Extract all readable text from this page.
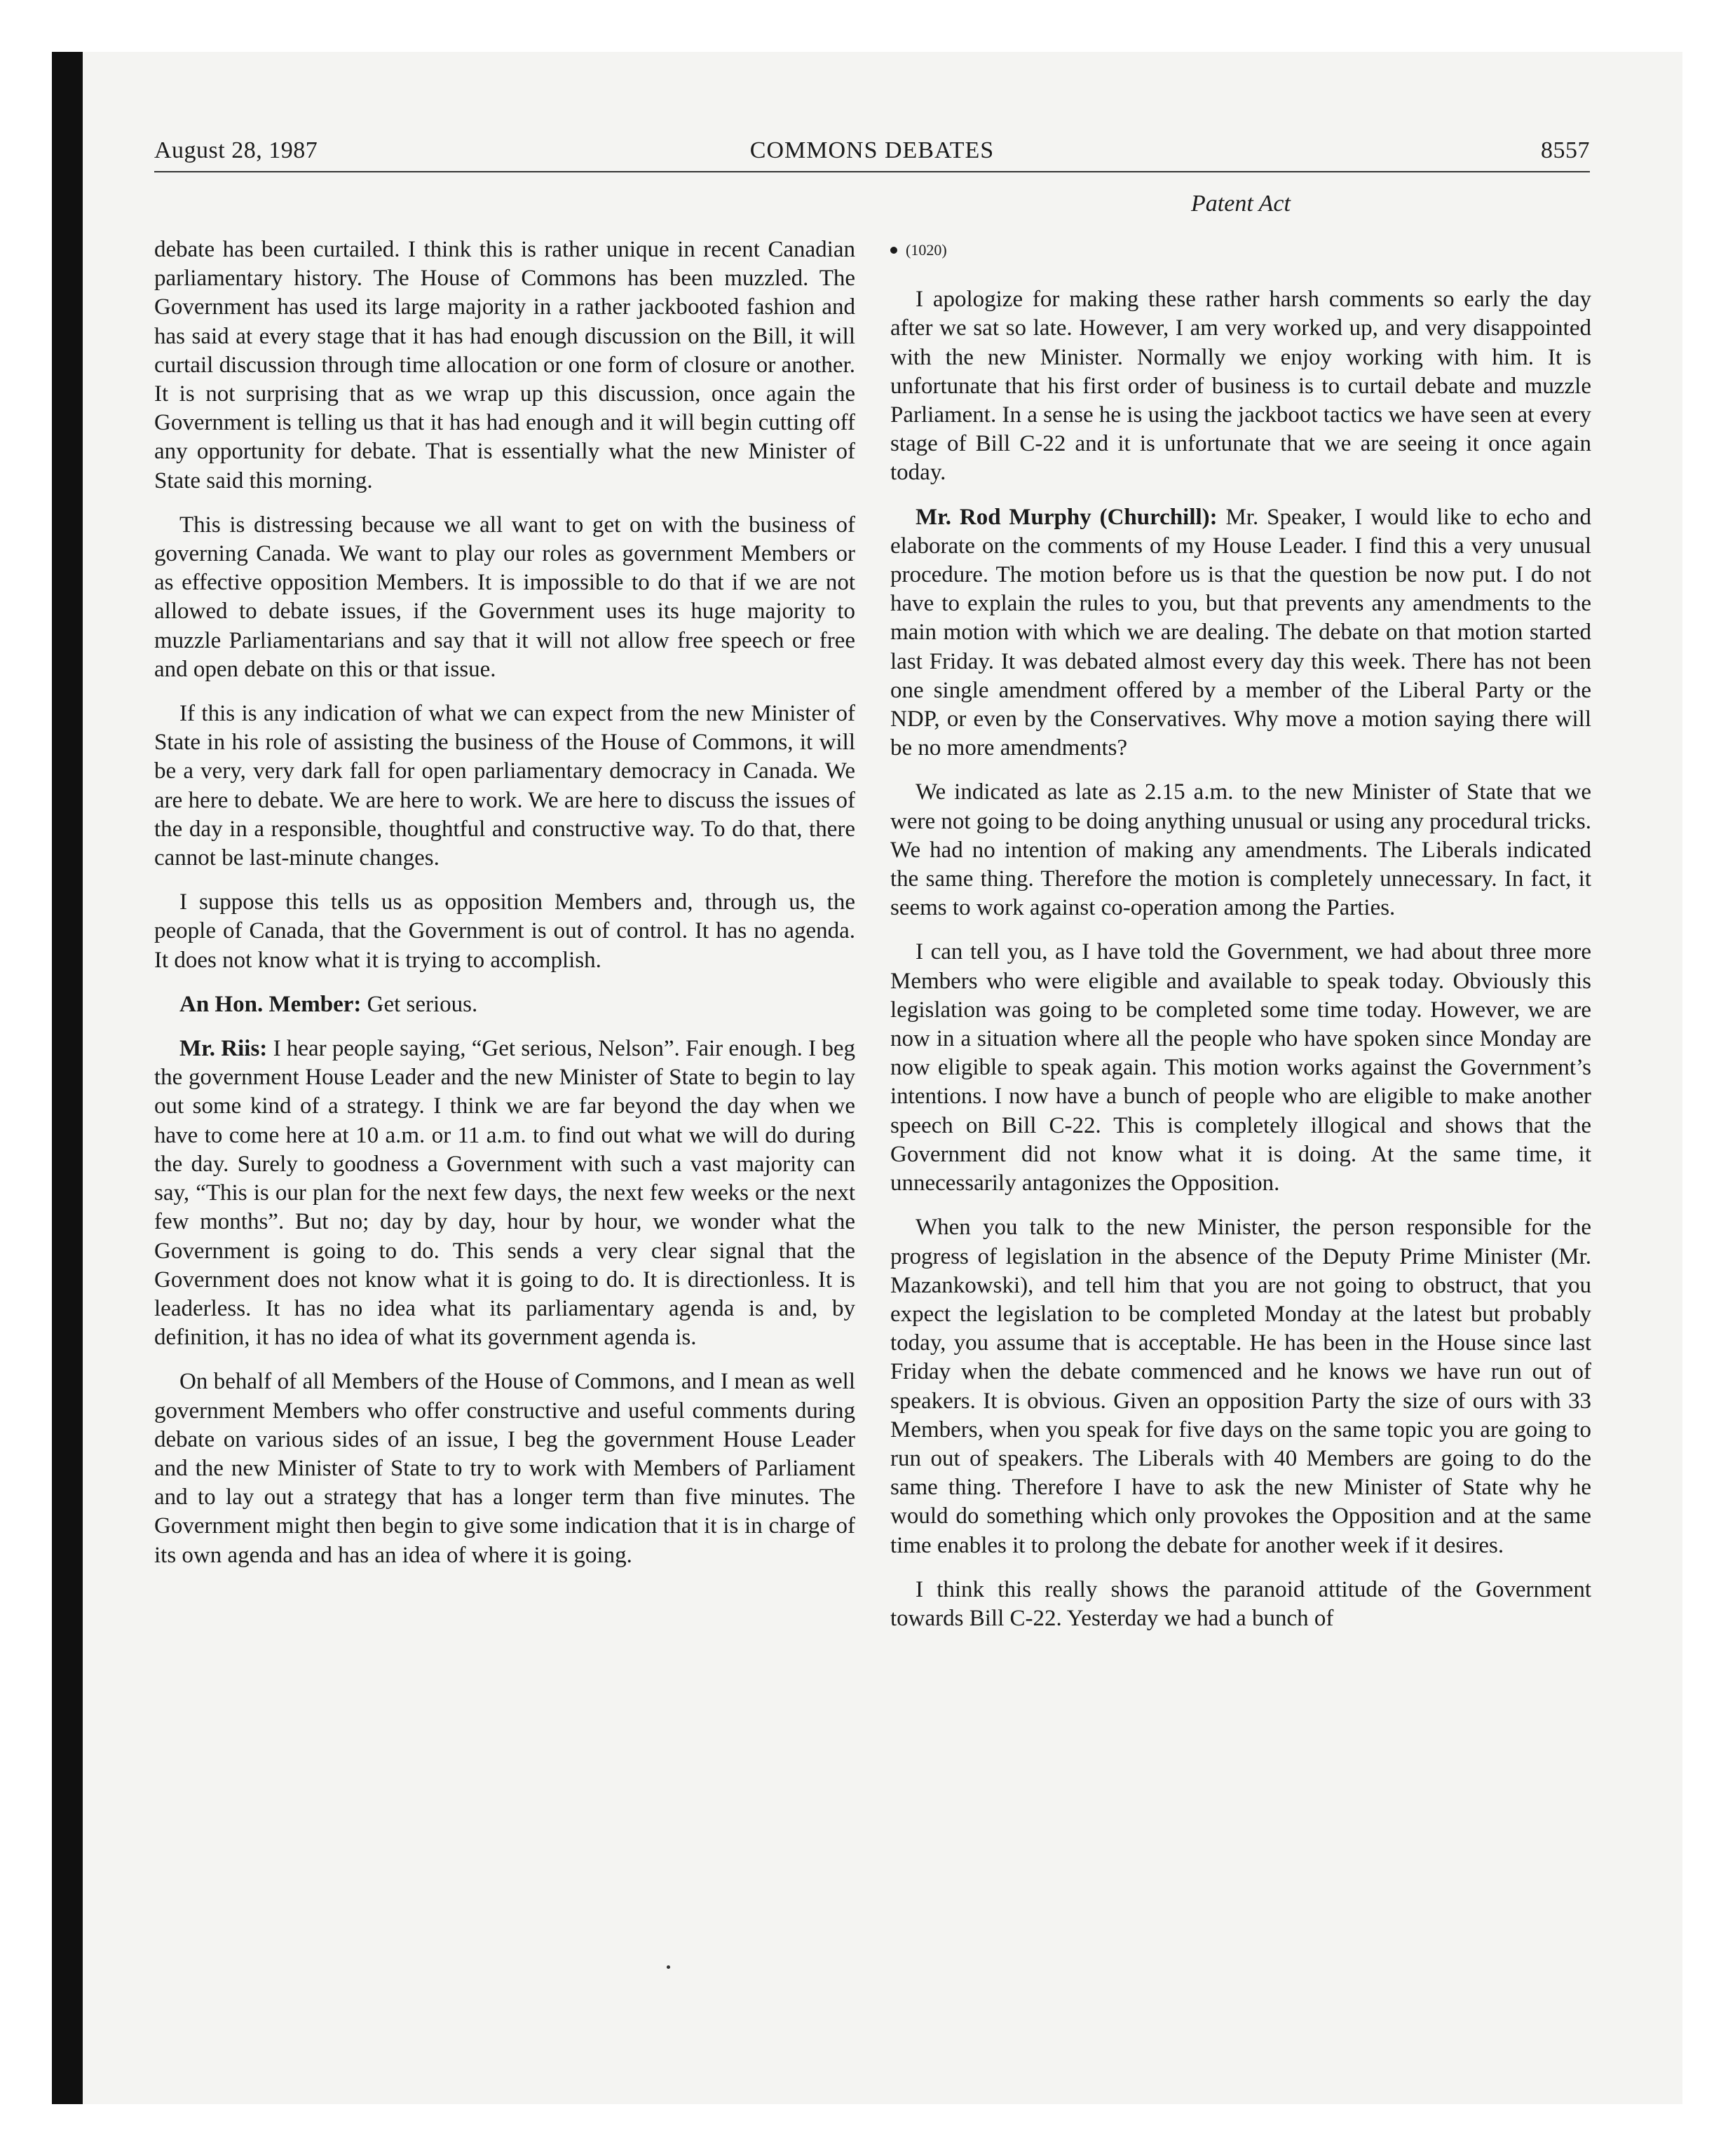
August 28, 1987	COMMONS DEBATES	8557
Patent Act

debate has been curtailed. I think this is rather unique in recent Canadian parliamentary history. The House of Commons has been muzzled. The Government has used its large majority in a rather jackbooted fashion and has said at every stage that it has had enough discussion on the Bill, it will curtail discussion through time allocation or one form of closure or another. It is not surprising that as we wrap up this discussion, once again the Government is telling us that it has had enough and it will begin cutting off any opportunity for debate. That is essentially what the new Minister of State said this morning.

This is distressing because we all want to get on with the business of governing Canada. We want to play our roles as government Members or as effective opposition Members. It is impossible to do that if we are not allowed to debate issues, if the Government uses its huge majority to muzzle Parliamentarians and say that it will not allow free speech or free and open debate on this or that issue.

If this is any indication of what we can expect from the new Minister of State in his role of assisting the business of the House of Commons, it will be a very, very dark fall for open parliamentary democracy in Canada. We are here to debate. We are here to work. We are here to discuss the issues of the day in a responsible, thoughtful and constructive way. To do that, there cannot be last-minute changes.

I suppose this tells us as opposition Members and, through us, the people of Canada, that the Government is out of control. It has no agenda. It does not know what it is trying to accomplish.

An Hon. Member: Get serious.

Mr. Riis: I hear people saying, “Get serious, Nelson”. Fair enough. I beg the government House Leader and the new Minister of State to begin to lay out some kind of a strategy. I think we are far beyond the day when we have to come here at 10 a.m. or 11 a.m. to find out what we will do during the day. Surely to goodness a Government with such a vast majority can say, “This is our plan for the next few days, the next few weeks or the next few months”. But no; day by day, hour by hour, we wonder what the Government is going to do. This sends a very clear signal that the Government does not know what it is going to do. It is directionless. It is leaderless. It has no idea what its parliamentary agenda is and, by definition, it has no idea of what its government agenda is.

On behalf of all Members of the House of Commons, and I mean as well government Members who offer constructive and useful comments during debate on various sides of an issue, I beg the government House Leader and the new Minister of State to try to work with Members of Parliament and to lay out a strategy that has a longer term than five minutes. The Government might then begin to give some indication that it is in charge of its own agenda and has an idea of where it is going.

(1020)

I apologize for making these rather harsh comments so early the day after we sat so late. However, I am very worked up, and very disappointed with the new Minister. Normally we enjoy working with him. It is unfortunate that his first order of business is to curtail debate and muzzle Parliament. In a sense he is using the jackboot tactics we have seen at every stage of Bill C-22 and it is unfortunate that we are seeing it once again today.

Mr. Rod Murphy (Churchill): Mr. Speaker, I would like to echo and elaborate on the comments of my House Leader. I find this a very unusual procedure. The motion before us is that the question be now put. I do not have to explain the rules to you, but that prevents any amendments to the main motion with which we are dealing. The debate on that motion started last Friday. It was debated almost every day this week. There has not been one single amendment offered by a member of the Liberal Party or the NDP, or even by the Conservatives. Why move a motion saying there will be no more amendments?

We indicated as late as 2.15 a.m. to the new Minister of State that we were not going to be doing anything unusual or using any procedural tricks. We had no intention of making any amendments. The Liberals indicated the same thing. Therefore the motion is completely unnecessary. In fact, it seems to work against co-operation among the Parties.

I can tell you, as I have told the Government, we had about three more Members who were eligible and available to speak today. Obviously this legislation was going to be completed some time today. However, we are now in a situation where all the people who have spoken since Monday are now eligible to speak again. This motion works against the Government’s intentions. I now have a bunch of people who are eligible to make another speech on Bill C-22. This is completely illogical and shows that the Government did not know what it is doing. At the same time, it unnecessarily antagonizes the Opposition.

When you talk to the new Minister, the person responsible for the progress of legislation in the absence of the Deputy Prime Minister (Mr. Mazankowski), and tell him that you are not going to obstruct, that you expect the legislation to be completed Monday at the latest but probably today, you assume that is acceptable. He has been in the House since last Friday when the debate commenced and he knows we have run out of speakers. It is obvious. Given an opposition Party the size of ours with 33 Members, when you speak for five days on the same topic you are going to run out of speakers. The Liberals with 40 Members are going to do the same thing. Therefore I have to ask the new Minister of State why he would do something which only provokes the Opposition and at the same time enables it to prolong the debate for another week if it desires.

I think this really shows the paranoid attitude of the Government towards Bill C-22. Yesterday we had a bunch of
